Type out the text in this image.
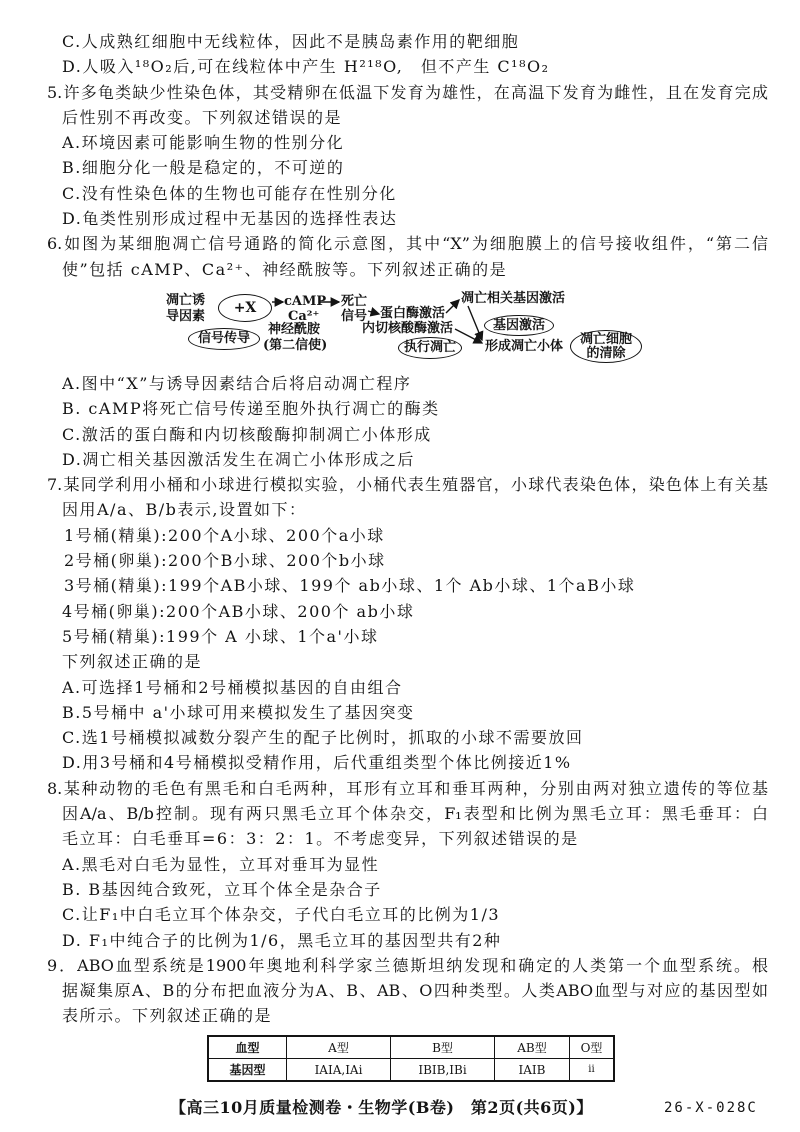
C.人成熟红细胞中无线粒体，因此不是胰岛素作用的靶细胞
D.人吸入¹⁸O₂后,可在线粒体中产生 H²¹⁸O,　但不产生 C¹⁸O₂
5.许多龟类缺少性染色体，其受精卵在低温下发育为雄性，在高温下发育为雌性，且在发育完成
后性别不再改变。下列叙述错误的是
A.环境因素可能影响生物的性别分化
B.细胞分化一般是稳定的，不可逆的
C.没有性染色体的生物也可能存在性别分化
D.龟类性别形成过程中无基因的选择性表达
6.如图为某细胞凋亡信号通路的简化示意图，其中“X”为细胞膜上的信号接收组件，“第二信
使”包括 cAMP、Ca²⁺、神经酰胺等。下列叙述正确的是
凋亡诱
导因素
+X cAMP
Ca²⁺
神经酰胺
(第二信使)
信号传导
死亡
信号 蛋白酶激活
内切核酸酶激活
凋亡相关基因激活
基因激活
执行凋亡 形成凋亡小体 凋亡细胞
的清除
A.图中“X”与诱导因素结合后将启动凋亡程序
B. cAMP将死亡信号传递至胞外执行凋亡的酶类
C.激活的蛋白酶和内切核酸酶抑制凋亡小体形成
D.凋亡相关基因激活发生在凋亡小体形成之后
7.某同学利用小桶和小球进行模拟实验，小桶代表生殖器官，小球代表染色体，染色体上有关基
因用A/a、B/b表示,设置如下：
1号桶(精巢):200个A小球、200个a小球
2号桶(卵巢):200个B小球、200个b小球
3号桶(精巢):199个AB小球、199个 ab小球、1个 Ab小球、1个aB小球
4号桶(卵巢):200个AB小球、200个 ab小球
5号桶(精巢):199个 A 小球、1个a'小球
下列叙述正确的是
A.可选择1号桶和2号桶模拟基因的自由组合
B.5号桶中 a'小球可用来模拟发生了基因突变
C.选1号桶模拟减数分裂产生的配子比例时，抓取的小球不需要放回
D.用3号桶和4号桶模拟受精作用，后代重组类型个体比例接近1%
8.某种动物的毛色有黑毛和白毛两种，耳形有立耳和垂耳两种，分别由两对独立遗传的等位基
因A/a、B/b控制。现有两只黑毛立耳个体杂交，F₁表型和比例为黑毛立耳：黑毛垂耳：白
毛立耳：白毛垂耳=6：3：2：1。不考虑变异，下列叙述错误的是
A.黑毛对白毛为显性，立耳对垂耳为显性
B. B基因纯合致死，立耳个体全是杂合子
C.让F₁中白毛立耳个体杂交，子代白毛立耳的比例为1/3
D. F₁中纯合子的比例为1/6，黑毛立耳的基因型共有2种
9．ABO血型系统是1900年奥地利科学家兰德斯坦纳发现和确定的人类第一个血型系统。根
据凝集原A、B的分布把血液分为A、B、AB、O四种类型。人类ABO血型与对应的基因型如
表所示。下列叙述正确的是
血型	A型	B型	AB型	O型
基因型	IAIA,IAi	IBIB,IBi	IAIB	ii
【高三10月质量检测卷・生物学(B卷)　第2页(共6页)】	26-X-028C
